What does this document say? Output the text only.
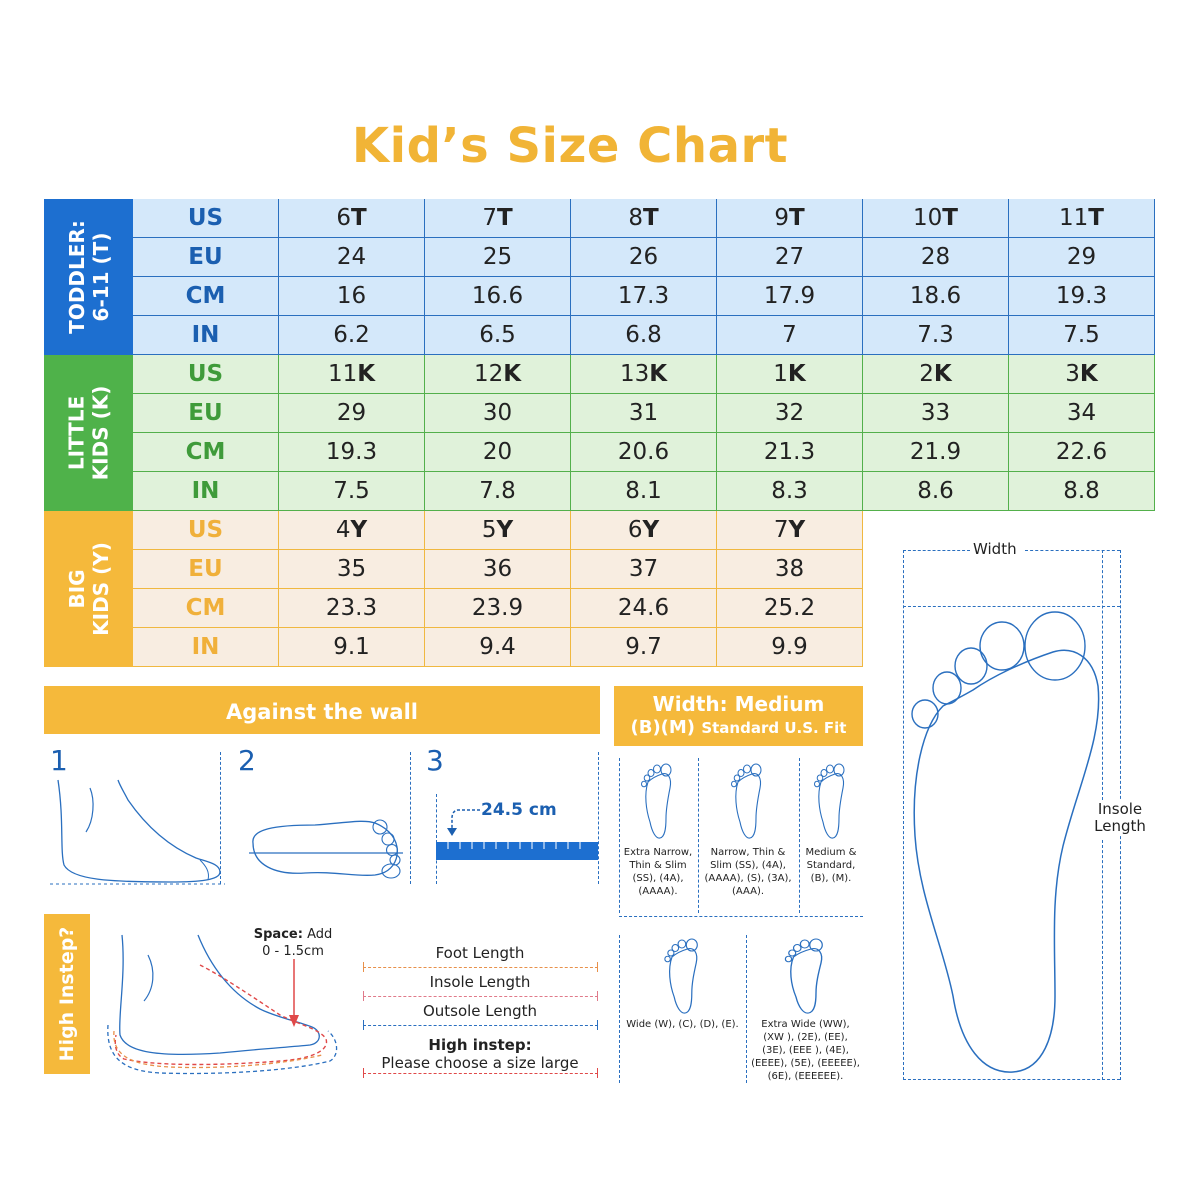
Kid’s Size Chart
TODDLER: 6-11 (T)
US	6 T	7 T	8 T	9 T	10 T	11 T
EU	24	25	26	27	28	29
CM	16	16.6	17.3	17.9	18.6	19.3
IN	6.2	6.5	6.8	7	7.3	7.5
LITTLE KIDS (K)
US	11 K	12 K	13 K	1 K	2 K	3 K
EU	29	30	31	32	33	34
CM	19.3	20	20.6	21.3	21.9	22.6
IN	7.5	7.8	8.1	8.3	8.6	8.8
BIG KIDS (Y)
US	4 Y	5 Y	6 Y	7 Y
EU	35	36	37	38
CM	23.3	23.9	24.6	25.2
IN	9.1	9.4	9.7	9.9
Against the wall
1	2	3
24.5 cm
Width: Medium
(B)(M) Standard U.S. Fit
Extra Narrow, Thin & Slim (SS), (4A), (AAAA).
Narrow, Thin & Slim (SS), (4A), (AAAA), (S), (3A), (AAA).
Medium & Standard, (B), (M).
Wide (W), (C), (D), (E).	Extra Wide (WW), (XW ), (2E), (EE), (3E), (EEE ), (4E), (EEEE), (5E), (EEEEE), (6E), (EEEEEE).
High Instep?	Space: Add
0 - 1.5cm	Foot Length
Insole Length
Outsole Length
High instep:
Please choose a size large
Width
Insole
Length
